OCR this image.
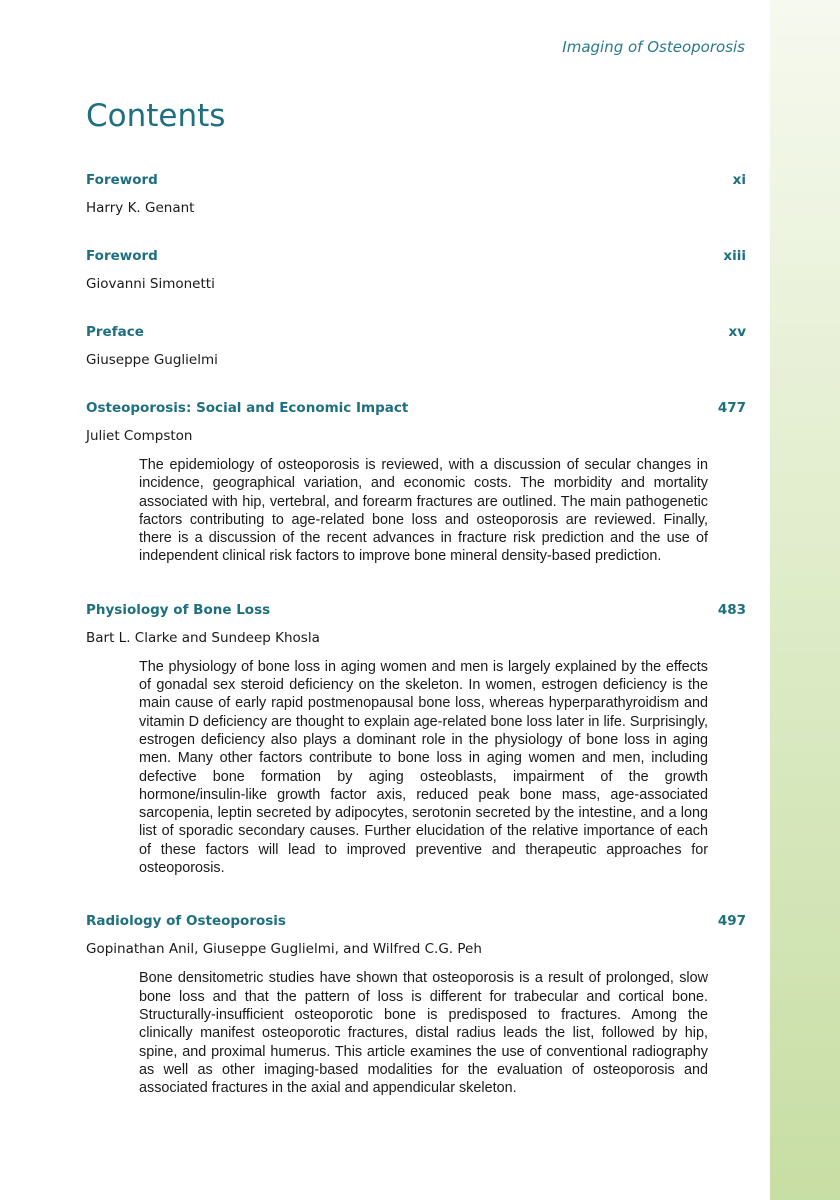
Imaging of Osteoporosis
Contents
Foreword	xi
Harry K. Genant
Foreword	xiii
Giovanni Simonetti
Preface	xv
Giuseppe Guglielmi
Osteoporosis: Social and Economic Impact	477
Juliet Compston
The epidemiology of osteoporosis is reviewed, with a discussion of secular changes in incidence, geographical variation, and economic costs. The morbidity and mortality associated with hip, vertebral, and forearm fractures are outlined. The main pathogenetic factors contributing to age-related bone loss and osteoporosis are reviewed. Finally, there is a discussion of the recent advances in fracture risk prediction and the use of independent clinical risk factors to improve bone mineral density-based prediction.
Physiology of Bone Loss	483
Bart L. Clarke and Sundeep Khosla
The physiology of bone loss in aging women and men is largely explained by the effects of gonadal sex steroid deficiency on the skeleton. In women, estrogen deficiency is the main cause of early rapid postmenopausal bone loss, whereas hyperparathyroidism and vitamin D deficiency are thought to explain age-related bone loss later in life. Surprisingly, estrogen deficiency also plays a dominant role in the physiology of bone loss in aging men. Many other factors contribute to bone loss in aging women and men, including defective bone formation by aging osteoblasts, impairment of the growth hormone/insulin-like growth factor axis, reduced peak bone mass, age-associated sarcopenia, leptin secreted by adipocytes, serotonin secreted by the intestine, and a long list of sporadic secondary causes. Further elucidation of the relative importance of each of these factors will lead to improved preventive and therapeutic approaches for osteoporosis.
Radiology of Osteoporosis	497
Gopinathan Anil, Giuseppe Guglielmi, and Wilfred C.G. Peh
Bone densitometric studies have shown that osteoporosis is a result of prolonged, slow bone loss and that the pattern of loss is different for trabecular and cortical bone. Structurally-insufficient osteoporotic bone is predisposed to fractures. Among the clinically manifest osteoporotic fractures, distal radius leads the list, followed by hip, spine, and proximal humerus. This article examines the use of conventional radiography as well as other imaging-based modalities for the evaluation of osteoporosis and associated fractures in the axial and appendicular skeleton.
